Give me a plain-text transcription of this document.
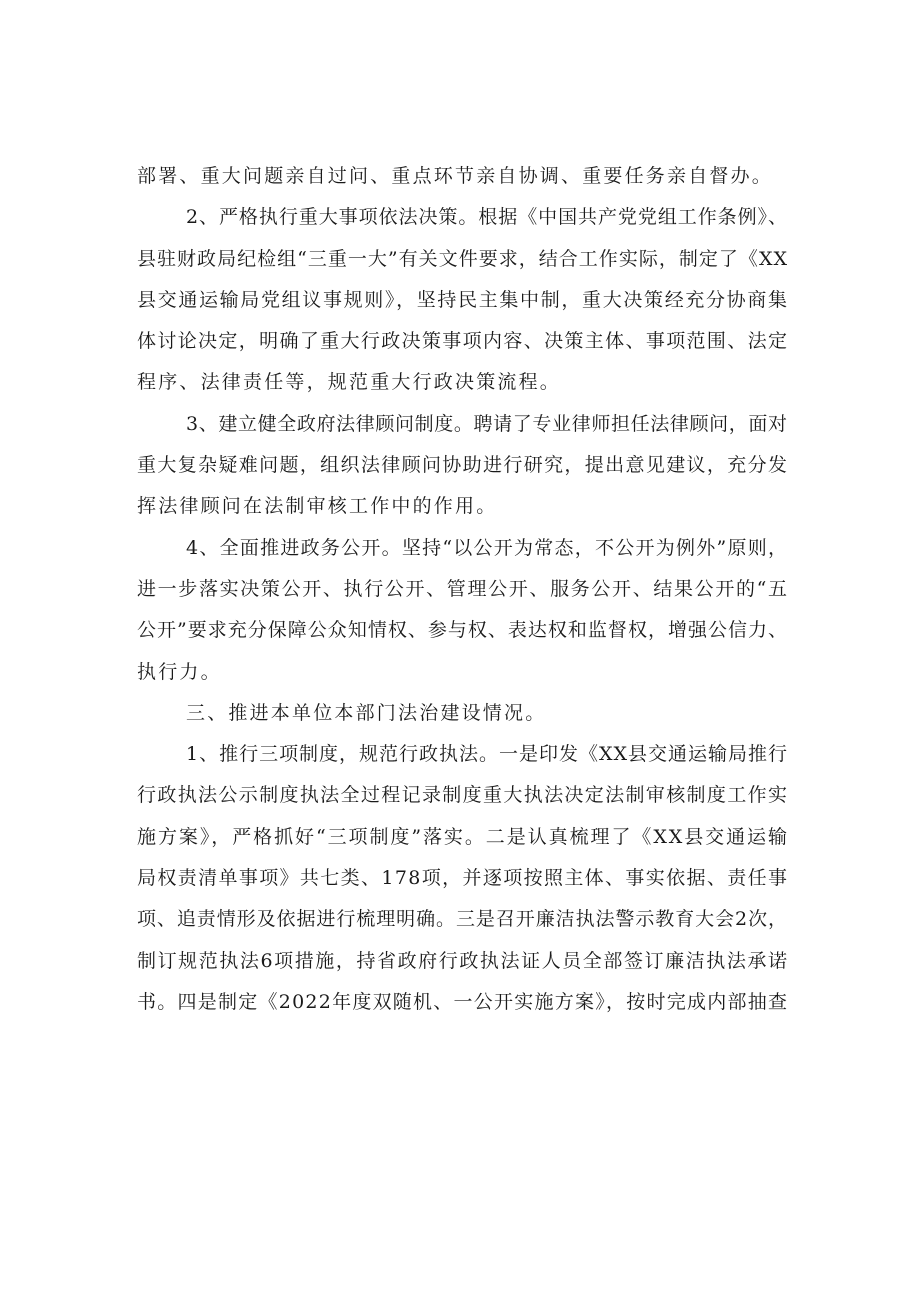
部署、重大问题亲自过问、重点环节亲自协调、重要任务亲自督办。
2、严格执行重大事项依法决策。根据《中国共产党党组工作条例》、
县驻财政局纪检组“三重一大”有关文件要求，结合工作实际，制定了《XX
县交通运输局党组议事规则》，坚持民主集中制，重大决策经充分协商集
体讨论决定，明确了重大行政决策事项内容、决策主体、事项范围、法定
程序、法律责任等，规范重大行政决策流程。
3、建立健全政府法律顾问制度。聘请了专业律师担任法律顾问，面对
重大复杂疑难问题，组织法律顾问协助进行研究，提出意见建议，充分发
挥法律顾问在法制审核工作中的作用。
4、全面推进政务公开。坚持“以公开为常态，不公开为例外”原则，
进一步落实决策公开、执行公开、管理公开、服务公开、结果公开的“五
公开”要求充分保障公众知情权、参与权、表达权和监督权，增强公信力、
执行力。
三、推进本单位本部门法治建设情况。
1、推行三项制度，规范行政执法。一是印发《XX县交通运输局推行
行政执法公示制度执法全过程记录制度重大执法决定法制审核制度工作实
施方案》，严格抓好“三项制度”落实。二是认真梳理了《XX县交通运输
局权责清单事项》共七类、178项，并逐项按照主体、事实依据、责任事
项、追责情形及依据进行梳理明确。三是召开廉洁执法警示教育大会2次，
制订规范执法6项措施，持省政府行政执法证人员全部签订廉洁执法承诺
书。四是制定《2022年度双随机、一公开实施方案》，按时完成内部抽查
